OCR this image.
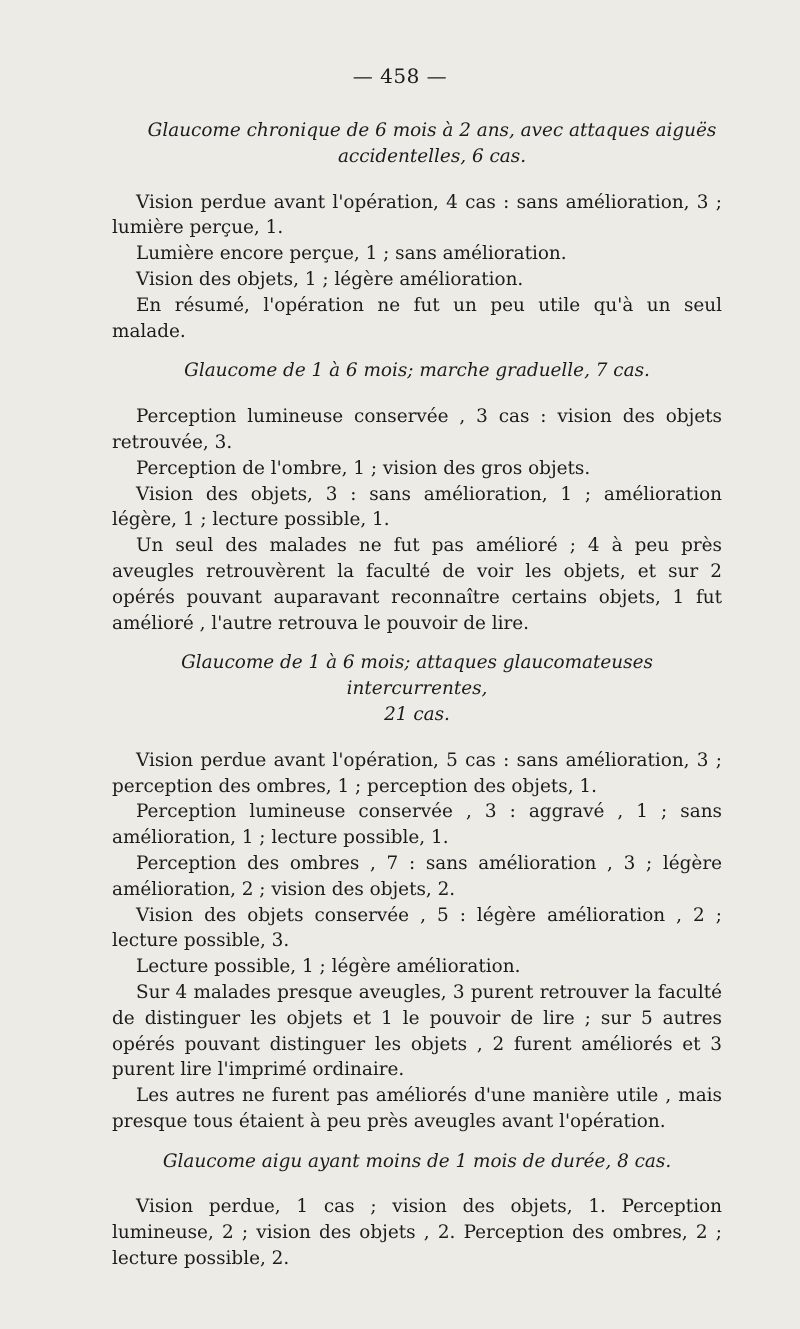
— 458 —
Glaucome chronique de 6 mois à 2 ans, avec attaques aiguës
accidentelles, 6 cas.

Vision perdue avant l'opération, 4 cas : sans amélioration, 3 ; lumière perçue, 1.

Lumière encore perçue, 1 ; sans amélioration.

Vision des objets, 1 ; légère amélioration.

En résumé, l'opération ne fut un peu utile qu'à un seul malade.

Glaucome de 1 à 6 mois; marche graduelle, 7 cas.

Perception lumineuse conservée , 3 cas : vision des objets retrouvée, 3.

Perception de l'ombre, 1 ; vision des gros objets.

Vision des objets, 3 : sans amélioration, 1 ; amélioration légère, 1 ; lecture possible, 1.

Un seul des malades ne fut pas amélioré ; 4 à peu près aveugles retrouvèrent la faculté de voir les objets, et sur 2 opérés pouvant auparavant reconnaître certains objets, 1 fut amélioré , l'autre retrouva le pouvoir de lire.

Glaucome de 1 à 6 mois; attaques glaucomateuses intercurrentes,
21 cas.

Vision perdue avant l'opération, 5 cas : sans amélioration, 3 ; perception des ombres, 1 ; perception des objets, 1.

Perception lumineuse conservée , 3 : aggravé , 1 ; sans amélioration, 1 ; lecture possible, 1.

Perception des ombres , 7 : sans amélioration , 3 ; légère amélioration, 2 ; vision des objets, 2.

Vision des objets conservée , 5 : légère amélioration , 2 ; lecture possible, 3.

Lecture possible, 1 ; légère amélioration.

Sur 4 malades presque aveugles, 3 purent retrouver la faculté de distinguer les objets et 1 le pouvoir de lire ; sur 5 autres opérés pouvant distinguer les objets , 2 furent améliorés et 3 purent lire l'imprimé ordinaire.

Les autres ne furent pas améliorés d'une manière utile , mais presque tous étaient à peu près aveugles avant l'opération.

Glaucome aigu ayant moins de 1 mois de durée, 8 cas.

Vision perdue, 1 cas ; vision des objets, 1. Perception lumineuse, 2 ; vision des objets , 2. Perception des ombres, 2 ; lecture possible, 2.
